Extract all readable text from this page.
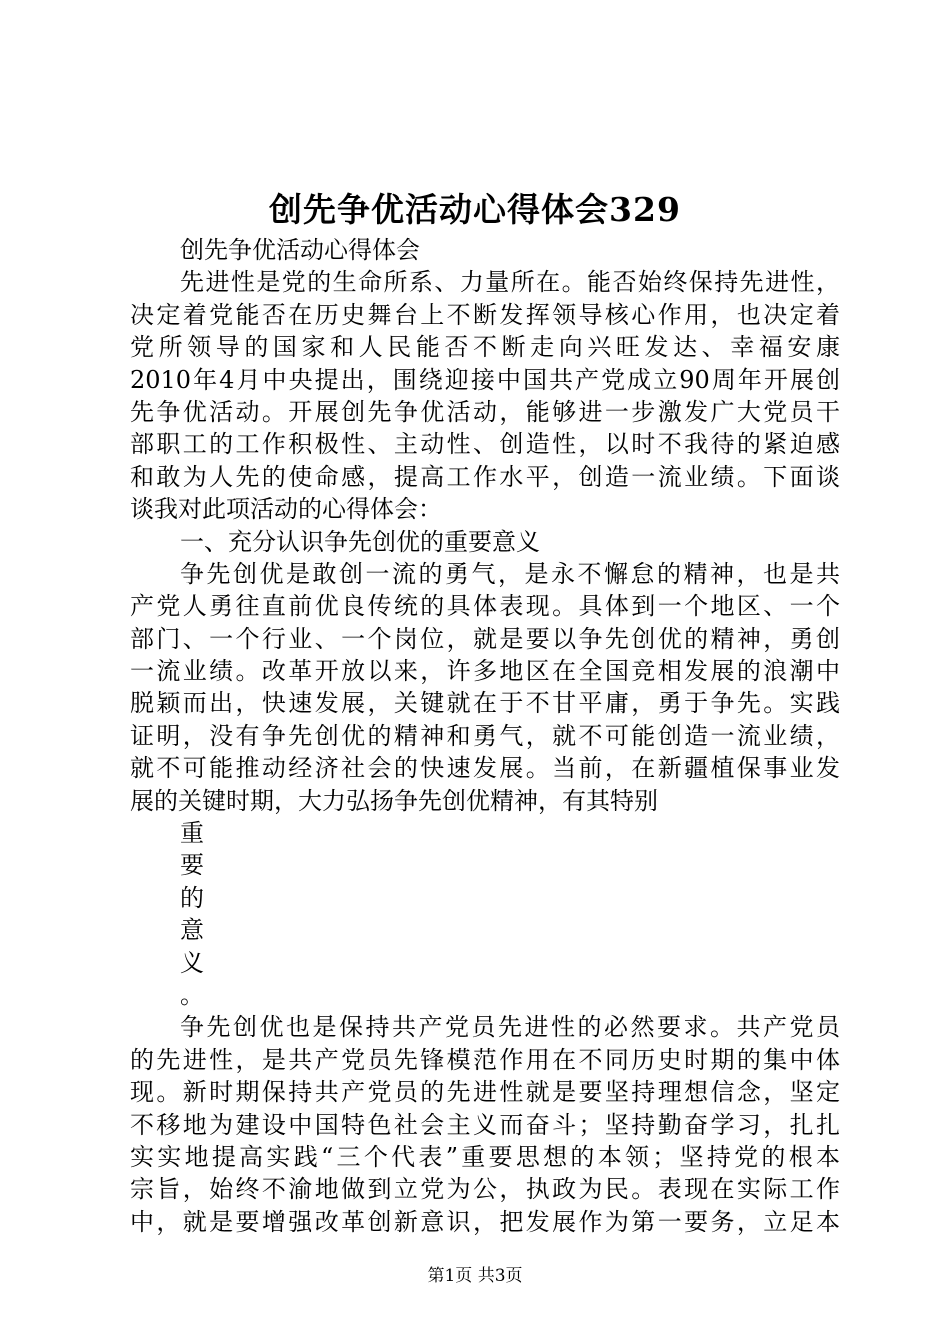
创先争优活动心得体会329
创先争优活动心得体会
先进性是党的生命所系、力量所在。能否始终保持先进性，
决定着党能否在历史舞台上不断发挥领导核心作用，也决定着
党所领导的国家和人民能否不断走向兴旺发达、幸福安康
2010年4月中央提出，围绕迎接中国共产党成立90周年开展创
先争优活动。开展创先争优活动，能够进一步激发广大党员干
部职工的工作积极性、主动性、创造性，以时不我待的紧迫感
和敢为人先的使命感，提高工作水平，创造一流业绩。下面谈
谈我对此项活动的心得体会：
一、充分认识争先创优的重要意义
争先创优是敢创一流的勇气，是永不懈怠的精神，也是共
产党人勇往直前优良传统的具体表现。具体到一个地区、一个
部门、一个行业、一个岗位，就是要以争先创优的精神，勇创
一流业绩。改革开放以来，许多地区在全国竞相发展的浪潮中
脱颖而出，快速发展，关键就在于不甘平庸，勇于争先。实践
证明，没有争先创优的精神和勇气，就不可能创造一流业绩，
就不可能推动经济社会的快速发展。当前，在新疆植保事业发
展的关键时期，大力弘扬争先创优精神，有其特别
重
要
的
意
义
。
争先创优也是保持共产党员先进性的必然要求。共产党员
的先进性，是共产党员先锋模范作用在不同历史时期的集中体
现。新时期保持共产党员的先进性就是要坚持理想信念，坚定
不移地为建设中国特色社会主义而奋斗；坚持勤奋学习，扎扎
实实地提高实践“三个代表”重要思想的本领；坚持党的根本
宗旨，始终不渝地做到立党为公，执政为民。表现在实际工作
中，就是要增强改革创新意识，把发展作为第一要务，立足本
第1页 共3页
